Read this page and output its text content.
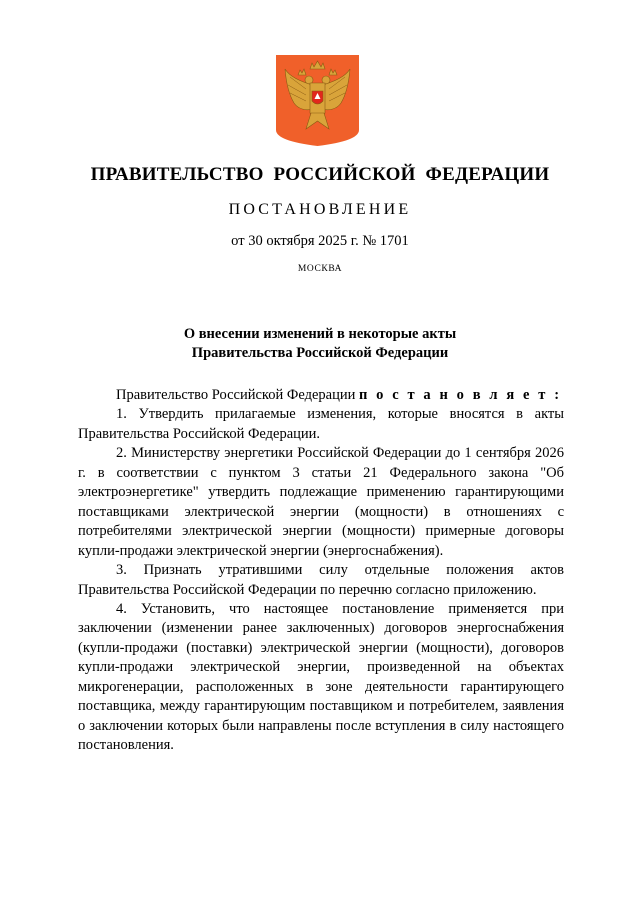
ПРАВИТЕЛЬСТВО РОССИЙСКОЙ ФЕДЕРАЦИИ
ПОСТАНОВЛЕНИЕ
от 30 октября 2025 г. № 1701
МОСКВА
О внесении изменений в некоторые акты
Правительства Российской Федерации

Правительство Российской Федерации п о с т а н о в л я е т :

1. Утвердить прилагаемые изменения, которые вносятся в акты Правительства Российской Федерации.

2. Министерству энергетики Российской Федерации до 1 сентября 2026 г. в соответствии с пунктом 3 статьи 21 Федерального закона "Об электроэнергетике" утвердить подлежащие применению гарантирующими поставщиками электрической энергии (мощности) в отношениях с потребителями электрической энергии (мощности) примерные договоры купли-продажи электрической энергии (энергоснабжения).

3. Признать утратившими силу отдельные положения актов Правительства Российской Федерации по перечню согласно приложению.

4. Установить, что настоящее постановление применяется при заключении (изменении ранее заключенных) договоров энергоснабжения (купли-продажи (поставки) электрической энергии (мощности), договоров купли-продажи электрической энергии, произведенной на объектах микрогенерации, расположенных в зоне деятельности гарантирующего поставщика, между гарантирующим поставщиком и потребителем, заявления о заключении которых были направлены после вступления в силу настоящего постановления.
